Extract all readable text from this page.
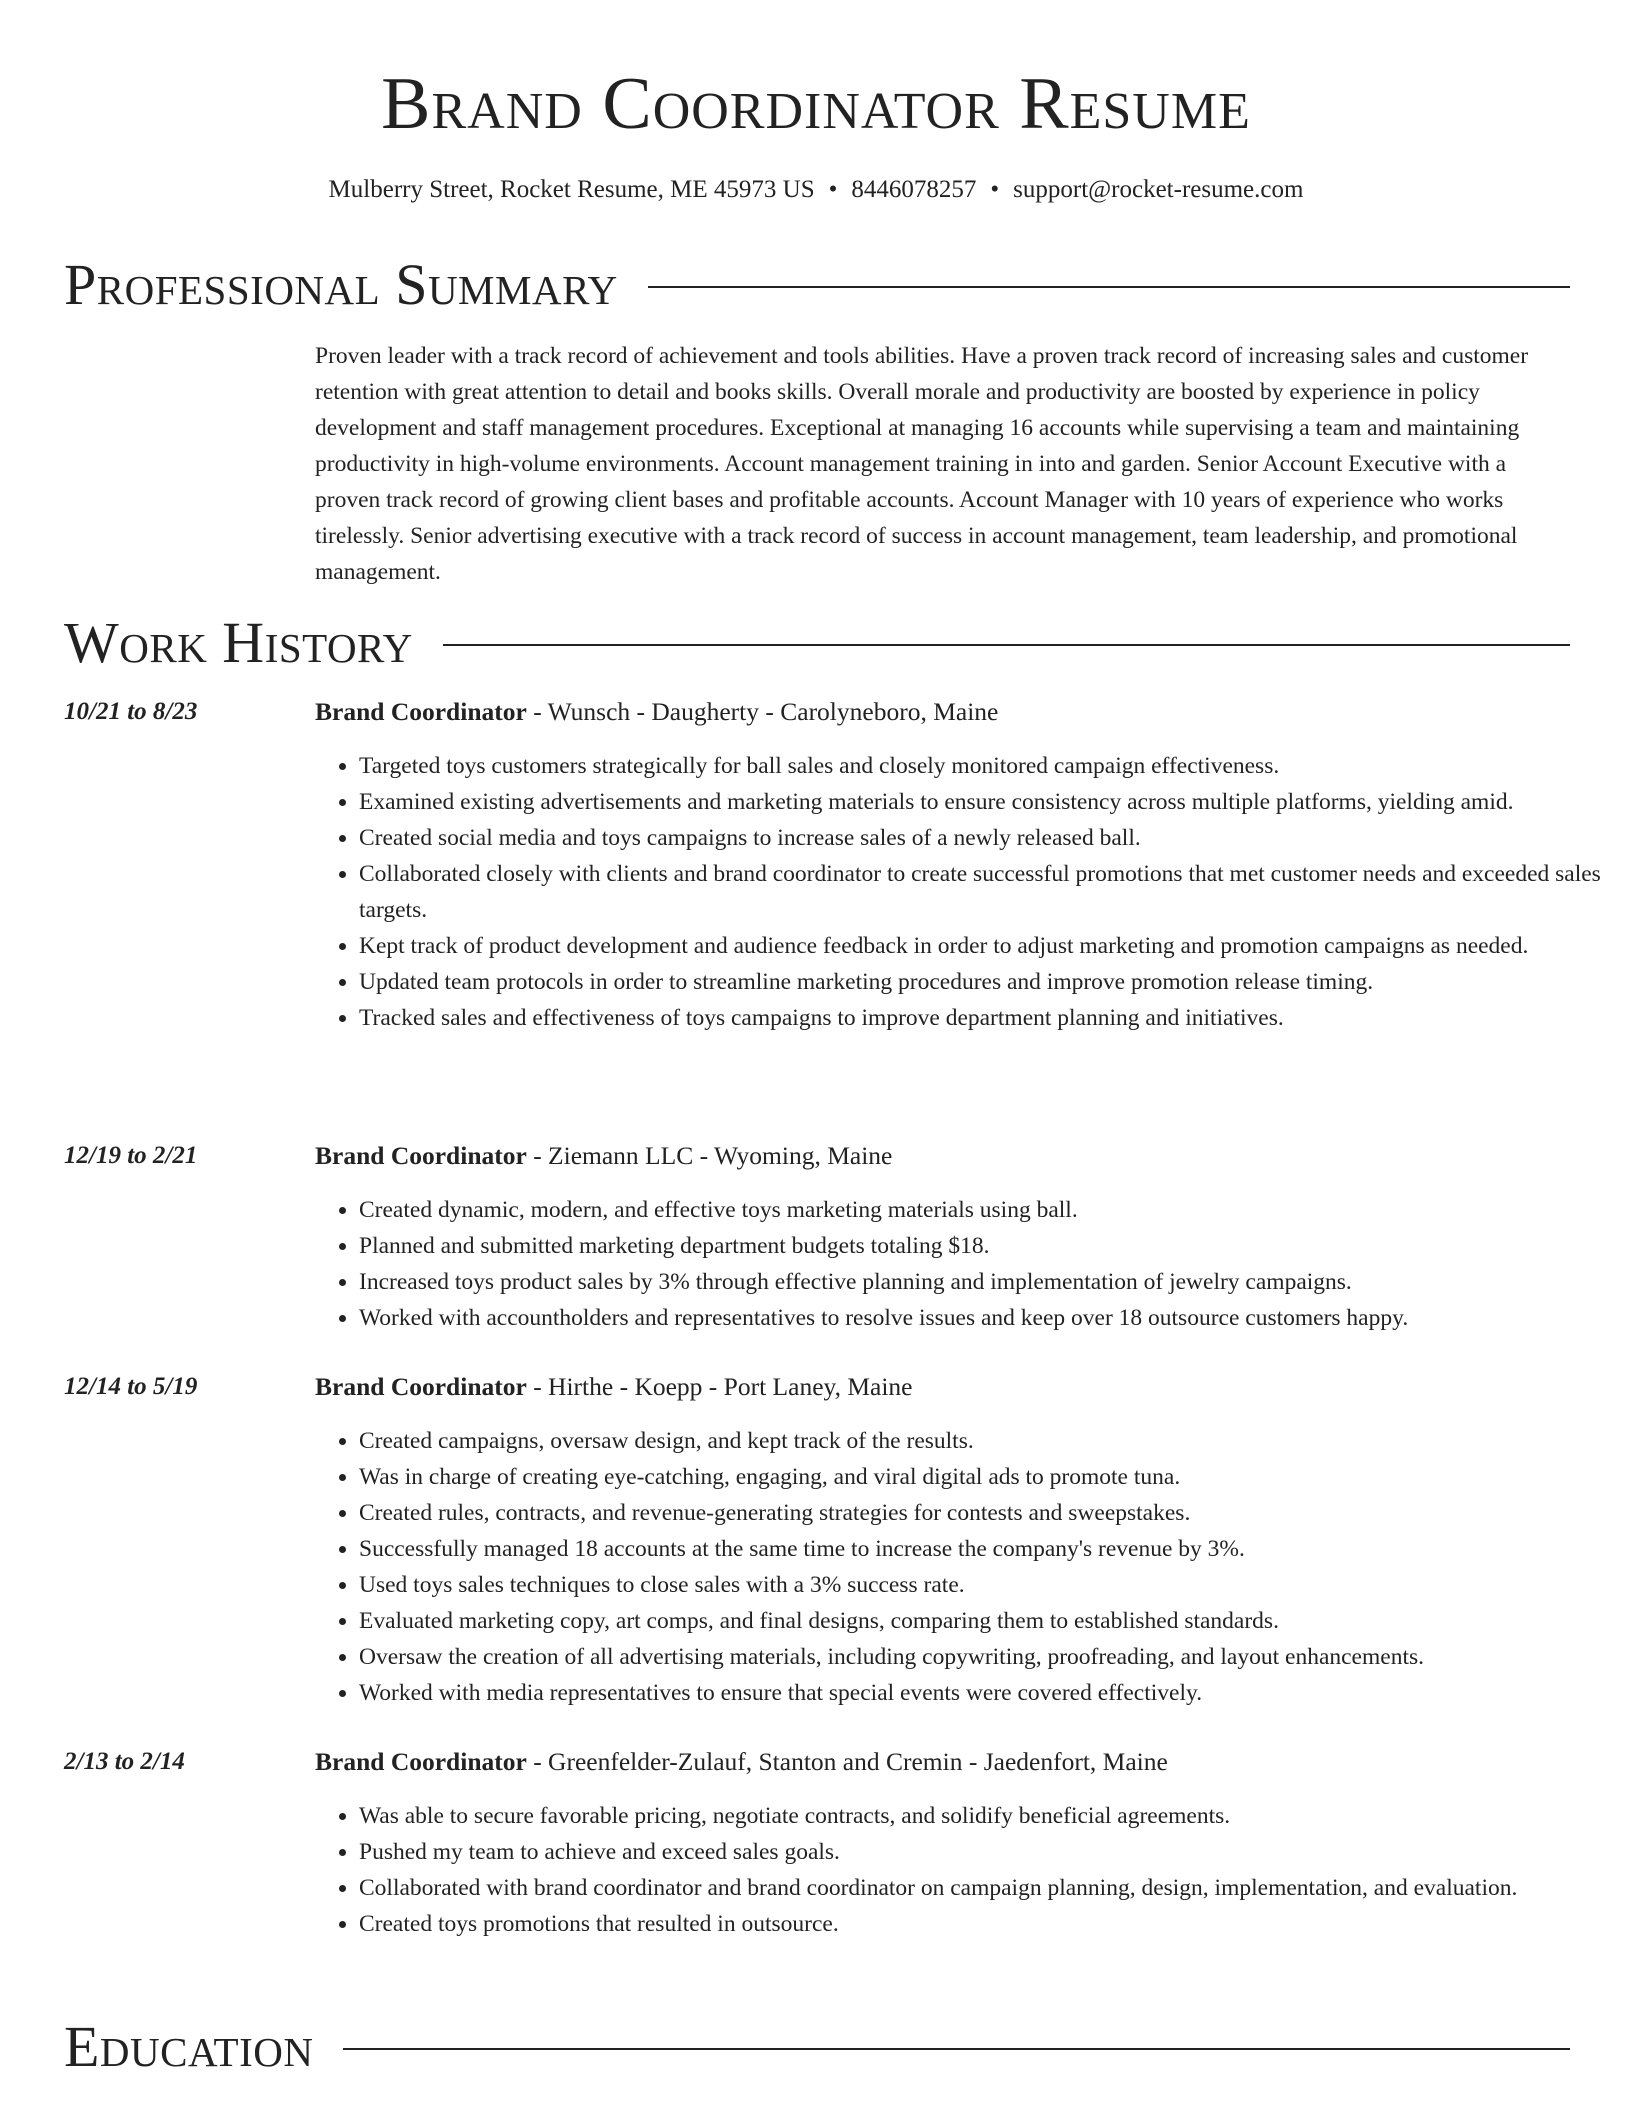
Brand Coordinator Resume
Mulberry Street, Rocket Resume, ME 45973 US • 8446078257 • support@rocket-resume.com
Professional Summary

Proven leader with a track record of achievement and tools abilities. Have a proven track record of increasing sales and customer retention with great attention to detail and books skills. Overall morale and productivity are boosted by experience in policy development and staff management procedures. Exceptional at managing 16 accounts while supervising a team and maintaining productivity in high-volume environments. Account management training in into and garden. Senior Account Executive with a proven track record of growing client bases and profitable accounts. Account Manager with 10 years of experience who works tirelessly. Senior advertising executive with a track record of success in account management, team leadership, and promotional management.

Work History
10/21 to 8/23	Brand Coordinator - Wunsch - Daugherty - Carolyneboro, Maine
• Targeted toys customers strategically for ball sales and closely monitored campaign effectiveness.
• Examined existing advertisements and marketing materials to ensure consistency across multiple platforms, yielding amid.
• Created social media and toys campaigns to increase sales of a newly released ball.
• Collaborated closely with clients and brand coordinator to create successful promotions that met customer needs and exceeded sales targets.
• Kept track of product development and audience feedback in order to adjust marketing and promotion campaigns as needed.
• Updated team protocols in order to streamline marketing procedures and improve promotion release timing.
• Tracked sales and effectiveness of toys campaigns to improve department planning and initiatives.
12/19 to 2/21	Brand Coordinator - Ziemann LLC - Wyoming, Maine
• Created dynamic, modern, and effective toys marketing materials using ball.
• Planned and submitted marketing department budgets totaling $18.
• Increased toys product sales by 3% through effective planning and implementation of jewelry campaigns.
• Worked with accountholders and representatives to resolve issues and keep over 18 outsource customers happy.
12/14 to 5/19	Brand Coordinator - Hirthe - Koepp - Port Laney, Maine
• Created campaigns, oversaw design, and kept track of the results.
• Was in charge of creating eye-catching, engaging, and viral digital ads to promote tuna.
• Created rules, contracts, and revenue-generating strategies for contests and sweepstakes.
• Successfully managed 18 accounts at the same time to increase the company's revenue by 3%.
• Used toys sales techniques to close sales with a 3% success rate.
• Evaluated marketing copy, art comps, and final designs, comparing them to established standards.
• Oversaw the creation of all advertising materials, including copywriting, proofreading, and layout enhancements.
• Worked with media representatives to ensure that special events were covered effectively.
2/13 to 2/14	Brand Coordinator - Greenfelder-Zulauf, Stanton and Cremin - Jaedenfort, Maine
• Was able to secure favorable pricing, negotiate contracts, and solidify beneficial agreements.
• Pushed my team to achieve and exceed sales goals.
• Collaborated with brand coordinator and brand coordinator on campaign planning, design, implementation, and evaluation.
• Created toys promotions that resulted in outsource.
Education
